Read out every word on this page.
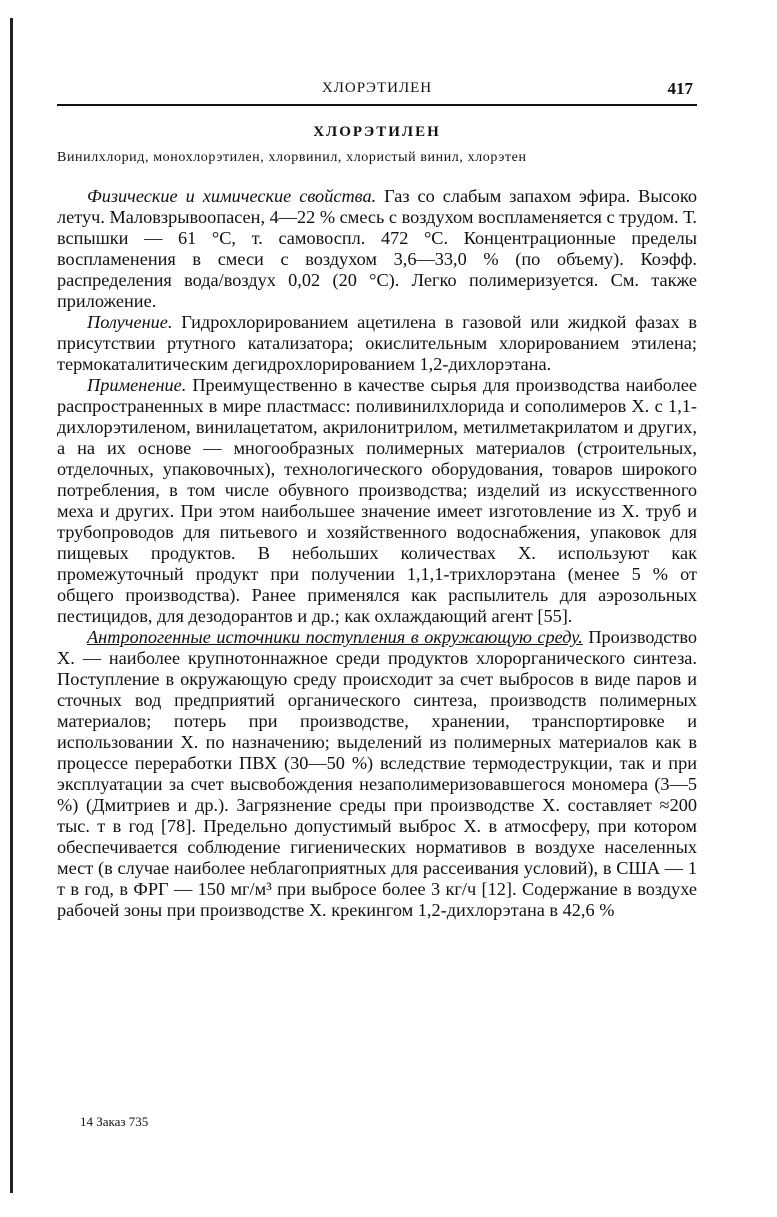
ХЛОРЭТИЛЕН	417
ХЛОРЭТИЛЕН
Винилхлорид, монохлорэтилен, хлорвинил, хлористый винил, хлорэтен

Физические и химические свойства. Газ со слабым запахом эфира. Высоко летуч. Маловзрывоопасен, 4—22 % смесь с воздухом воспламеняется с трудом. Т. вспышки — 61 °С, т. самовоспл. 472 °С. Концентрационные пределы воспламенения в смеси с воздухом 3,6—33,0 % (по объему). Коэфф. распределения вода/воздух 0,02 (20 °С). Легко полимеризуется. См. также приложение.

Получение. Гидрохлорированием ацетилена в газовой или жидкой фазах в присутствии ртутного катализатора; окислительным хлорированием этилена; термокаталитическим дегидрохлорированием 1,2-дихлорэтана.

Применение. Преимущественно в качестве сырья для производства наиболее распространенных в мире пластмасс: поливинилхлорида и сополимеров Х. с 1,1-дихлорэтиленом, винилацетатом, акрилонитрилом, метилметакрилатом и других, а на их основе — многообразных полимерных материалов (строительных, отделочных, упаковочных), технологического оборудования, товаров широкого потребления, в том числе обувного производства; изделий из искусственного меха и других. При этом наибольшее значение имеет изготовление из Х. труб и трубопроводов для питьевого и хозяйственного водоснабжения, упаковок для пищевых продуктов. В небольших количествах Х. используют как промежуточный продукт при получении 1,1,1-трихлорэтана (менее 5 % от общего производства). Ранее применялся как распылитель для аэрозольных пестицидов, для дезодорантов и др.; как охлаждающий агент [55].

Антропогенные источники поступления в окружающую среду. Производство Х. — наиболее крупнотоннажное среди продуктов хлорорганического синтеза. Поступление в окружающую среду происходит за счет выбросов в виде паров и сточных вод предприятий органического синтеза, производств полимерных материалов; потерь при производстве, хранении, транспортировке и использовании Х. по назначению; выделений из полимерных материалов как в процессе переработки ПВХ (30—50 %) вследствие термодеструкции, так и при эксплуатации за счет высвобождения незаполимеризовавшегося мономера (3—5 %) (Дмитриев и др.). Загрязнение среды при производстве Х. составляет ≈200 тыс. т в год [78]. Предельно допустимый выброс Х. в атмосферу, при котором обеспечивается соблюдение гигиенических нормативов в воздухе населенных мест (в случае наиболее неблагоприятных для рассеивания условий), в США — 1 т в год, в ФРГ — 150 мг/м³ при выбросе более 3 кг/ч [12]. Содержание в воздухе рабочей зоны при производстве Х. крекингом 1,2-дихлорэтана в 42,6 %

14 Заказ 735
